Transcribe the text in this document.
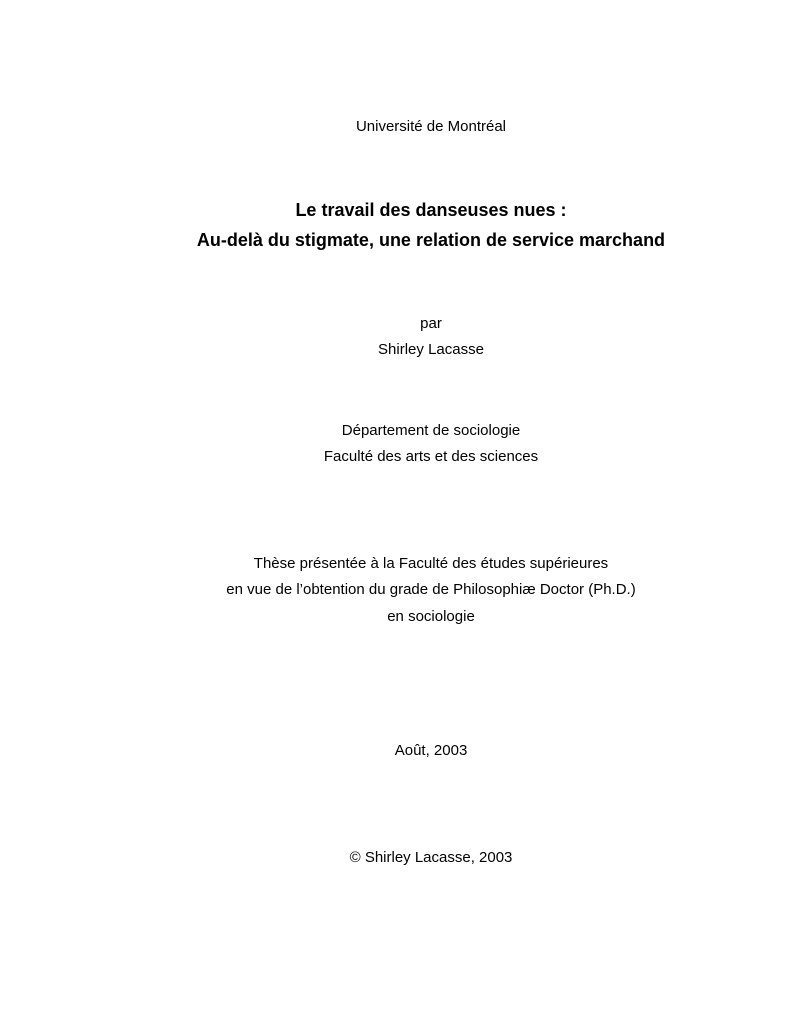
Université de Montréal
Le travail des danseuses nues :
Au-delà du stigmate, une relation de service marchand
par
Shirley Lacasse
Département de sociologie
Faculté des arts et des sciences
Thèse présentée à la Faculté des études supérieures
en vue de l’obtention du grade de Philosophiæ Doctor (Ph.D.)
en sociologie
Août, 2003
© Shirley Lacasse, 2003
